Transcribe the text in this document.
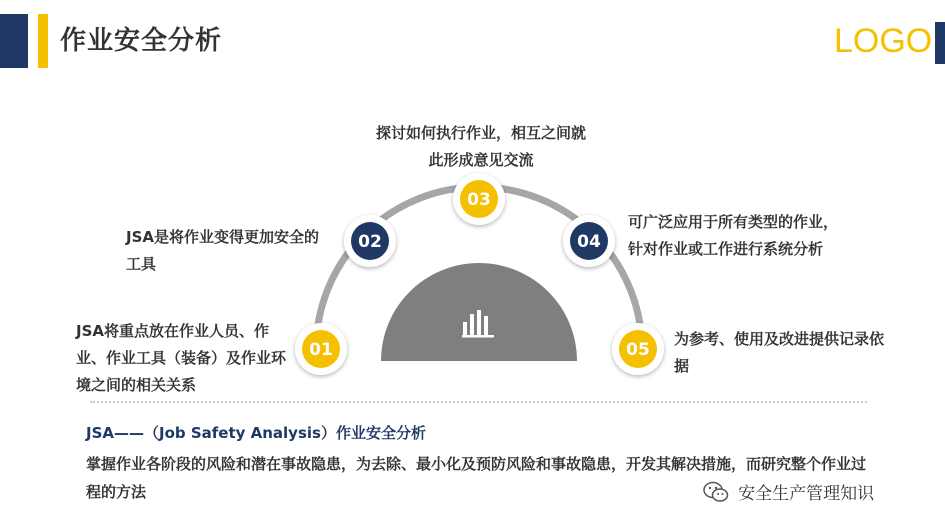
作业安全分析	LOGO
01
02
03
04
05
JSA将重点放在作业人员、作业、作业工具（装备）及作业环境之间的相关关系
JSA是将作业变得更加安全的工具
探讨如何执行作业，相互之间就此形成意见交流
可广泛应用于所有类型的作业，针对作业或工作进行系统分析
为参考、使用及改进提供记录依据
JSA——（Job Safety Analysis）作业安全分析
掌握作业各阶段的风险和潜在事故隐患，为去除、最小化及预防风险和事故隐患，开发其解决措施，而研究整个作业过程的方法	安全生产管理知识
